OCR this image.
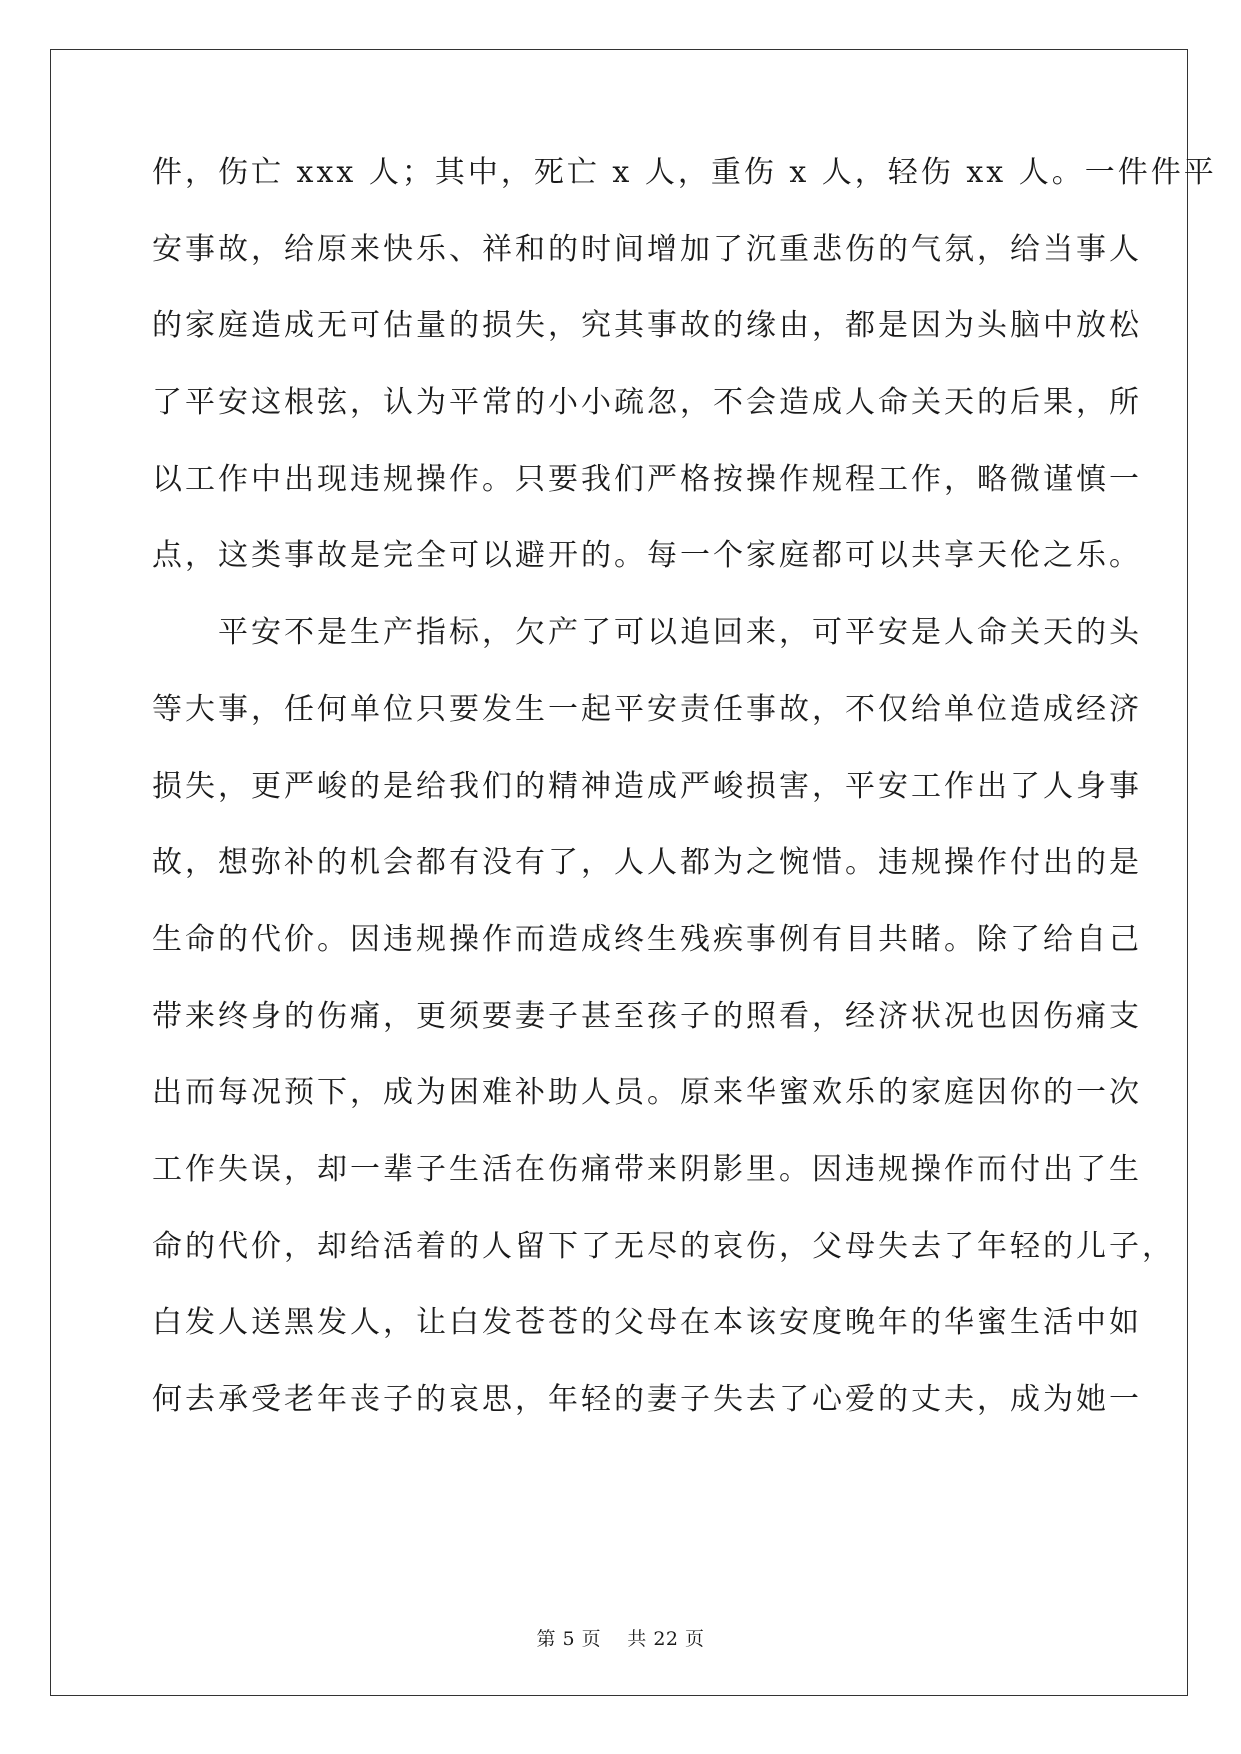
件，伤亡 xxx 人；其中，死亡 x 人，重伤 x 人，轻伤 xx 人。一件件平
安事故，给原来快乐、祥和的时间增加了沉重悲伤的气氛，给当事人
的家庭造成无可估量的损失，究其事故的缘由，都是因为头脑中放松
了平安这根弦，认为平常的小小疏忽，不会造成人命关天的后果，所
以工作中出现违规操作。只要我们严格按操作规程工作，略微谨慎一
点，这类事故是完全可以避开的。每一个家庭都可以共享天伦之乐。
　　平安不是生产指标，欠产了可以追回来，可平安是人命关天的头
等大事，任何单位只要发生一起平安责任事故，不仅给单位造成经济
损失，更严峻的是给我们的精神造成严峻损害，平安工作出了人身事
故，想弥补的机会都有没有了，人人都为之惋惜。违规操作付出的是
生命的代价。因违规操作而造成终生残疾事例有目共睹。除了给自己
带来终身的伤痛，更须要妻子甚至孩子的照看，经济状况也因伤痛支
出而每况预下，成为困难补助人员。原来华蜜欢乐的家庭因你的一次
工作失误，却一辈子生活在伤痛带来阴影里。因违规操作而付出了生
命的代价，却给活着的人留下了无尽的哀伤，父母失去了年轻的儿子，
白发人送黑发人，让白发苍苍的父母在本该安度晚年的华蜜生活中如
何去承受老年丧子的哀思，年轻的妻子失去了心爱的丈夫，成为她一
第 5 页 共 22 页
